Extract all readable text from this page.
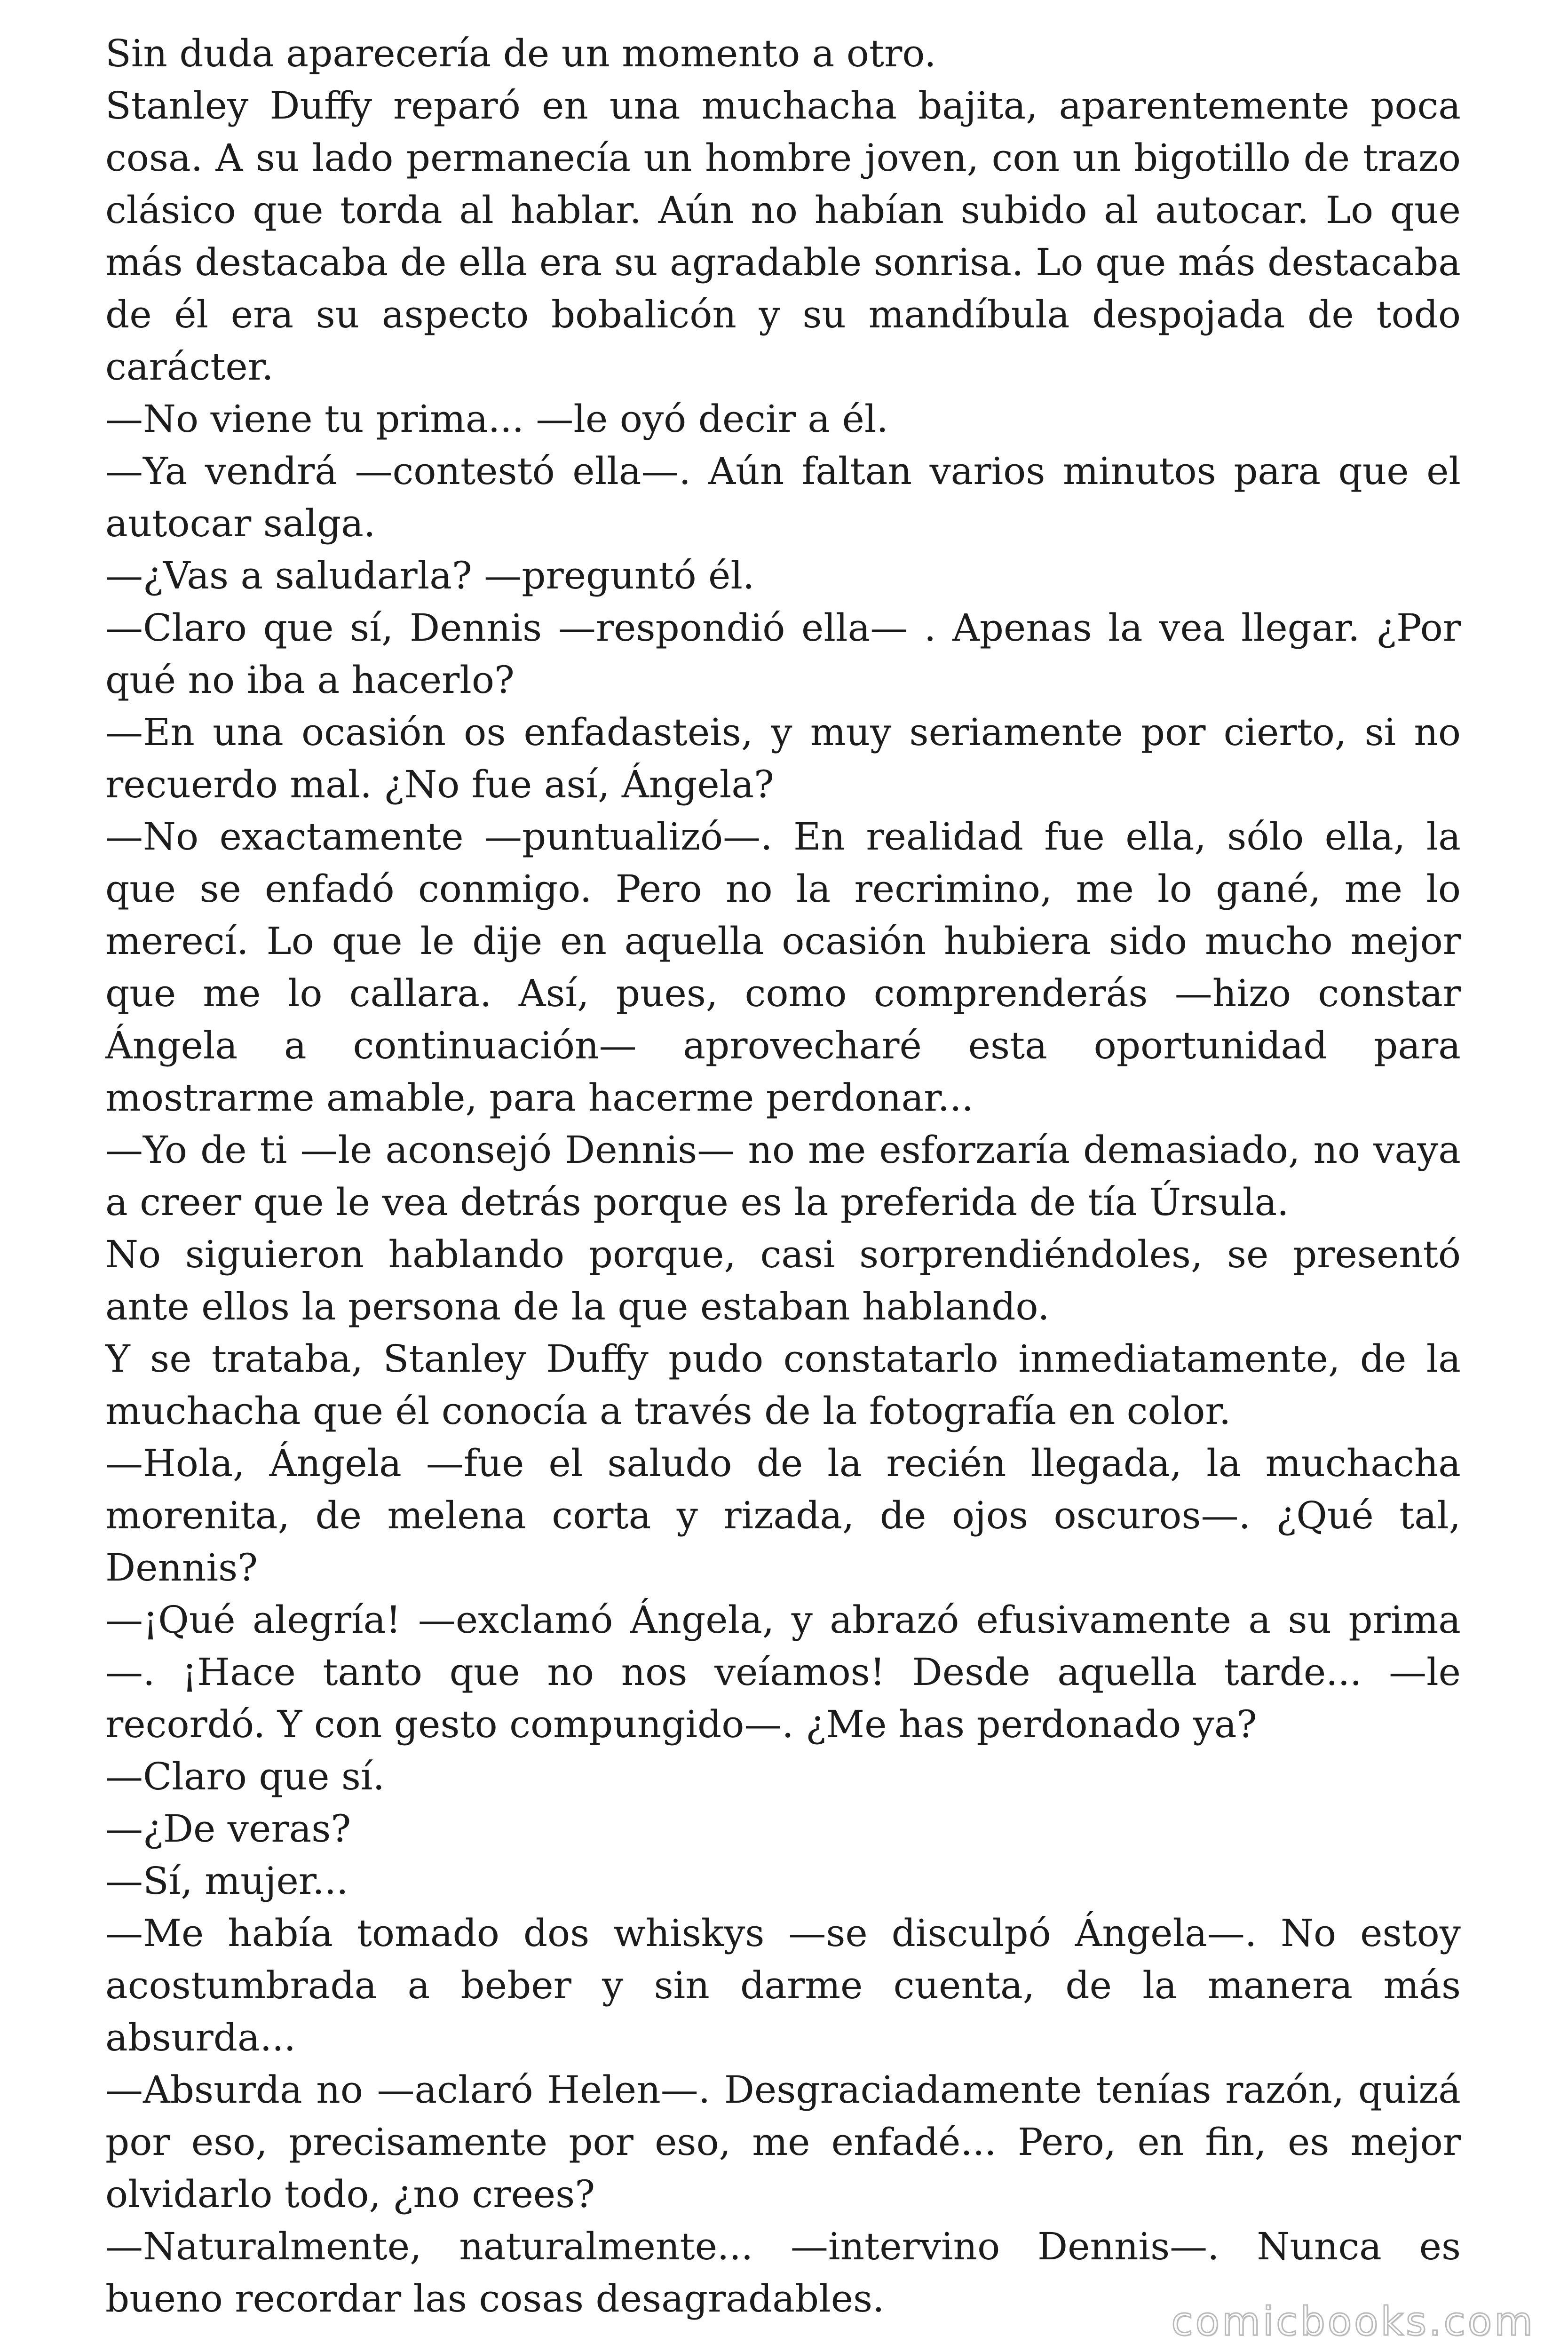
Sin duda aparecería de un momento a otro.

Stanley Duffy reparó en una muchacha bajita, aparentemente poca cosa. A su lado permanecía un hombre joven, con un bigotillo de trazo clásico que torda al hablar. Aún no habían subido al autocar. Lo que más destacaba de ella era su agradable sonrisa. Lo que más destacaba de él era su aspecto bobalicón y su mandíbula despojada de todo carácter.

—No viene tu prima... —le oyó decir a él.

—Ya vendrá —contestó ella—. Aún faltan varios minutos para que el autocar salga.

—¿Vas a saludarla? —preguntó él.

—Claro que sí, Dennis —respondió ella— . Apenas la vea llegar. ¿Por qué no iba a hacerlo?

—En una ocasión os enfadasteis, y muy seriamente por cierto, si no recuerdo mal. ¿No fue así, Ángela?

—No exactamente —puntualizó—. En realidad fue ella, sólo ella, la que se enfadó conmigo. Pero no la recrimino, me lo gané, me lo merecí. Lo que le dije en aquella ocasión hubiera sido mucho mejor que me lo callara. Así, pues, como comprenderás —hizo constar Ángela a continuación— aprovecharé esta oportunidad para mostrarme amable, para hacerme perdonar...

—Yo de ti —le aconsejó Dennis— no me esforzaría demasiado, no vaya a creer que le vea detrás porque es la preferida de tía Úrsula.

No siguieron hablando porque, casi sorprendiéndoles, se presentó ante ellos la persona de la que estaban hablando.

Y se trataba, Stanley Duffy pudo constatarlo inmediatamente, de la muchacha que él conocía a través de la fotografía en color.

—Hola, Ángela —fue el saludo de la recién llegada, la muchacha morenita, de melena corta y rizada, de ojos oscuros—. ¿Qué tal, Dennis?

—¡Qué alegría! —exclamó Ángela, y abrazó efusivamente a su prima —. ¡Hace tanto que no nos veíamos! Desde aquella tarde... —le recordó. Y con gesto compungido—. ¿Me has perdonado ya?

—Claro que sí.

—¿De veras?

—Sí, mujer...

—Me había tomado dos whiskys —se disculpó Ángela—. No estoy acostumbrada a beber y sin darme cuenta, de la manera más absurda...

—Absurda no —aclaró Helen—. Desgraciadamente tenías razón, quizá por eso, precisamente por eso, me enfadé... Pero, en fin, es mejor olvidarlo todo, ¿no crees?

—Naturalmente, naturalmente... —intervino Dennis—. Nunca es bueno recordar las cosas desagradables.	comicbooks.com
